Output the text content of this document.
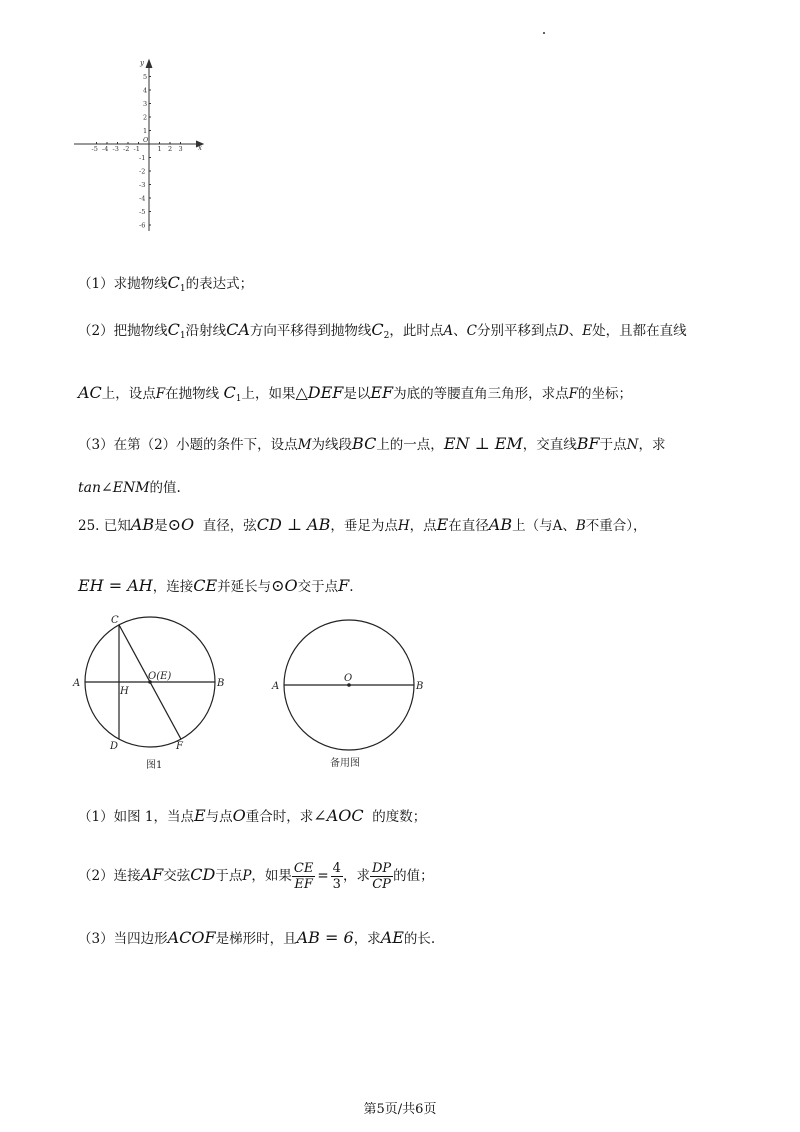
-5 -4 -3 -2 -1	1 2 3
5
4
3
2
1
-1
-2
-3
-4
-5
-6
x
y
O
（1）求抛物线$C_1$的表达式；
（2）把抛物线$C_1$沿射线CA方向平移得到抛物线$C_2$，此时点A、C分别平移到点D、E处，且都在直线
AC上，设点F在抛物线 $C_1$上，如果△DEF是以EF为底的等腰直角三角形，求点F的坐标；
（3）在第（2）小题的条件下，设点M为线段BC上的一点，EN ⊥ EM，交直线BF于点N，求
tan∠ENM的值.
25. 已知AB是⊙O 直径，弦CD ⊥ AB，垂足为点H，点E在直径AB上（与A、B不重合），
EH = AH，连接CE并延长与⊙O交于点F.
A	B
C
D	F
H
O(E)
图1
A	B
O
备用图
（1）如图 1，当点E与点O重合时，求∠AOC 的度数；
（2）连接AF交弦CD于点P，如果 $\frac{CE}{EF} = \frac{4}{3}$ ，求 $\frac{DP}{CP}$ 的值；
（3）当四边形ACOF是梯形时，且AB = 6，求AE的长.
第5页/共6页
